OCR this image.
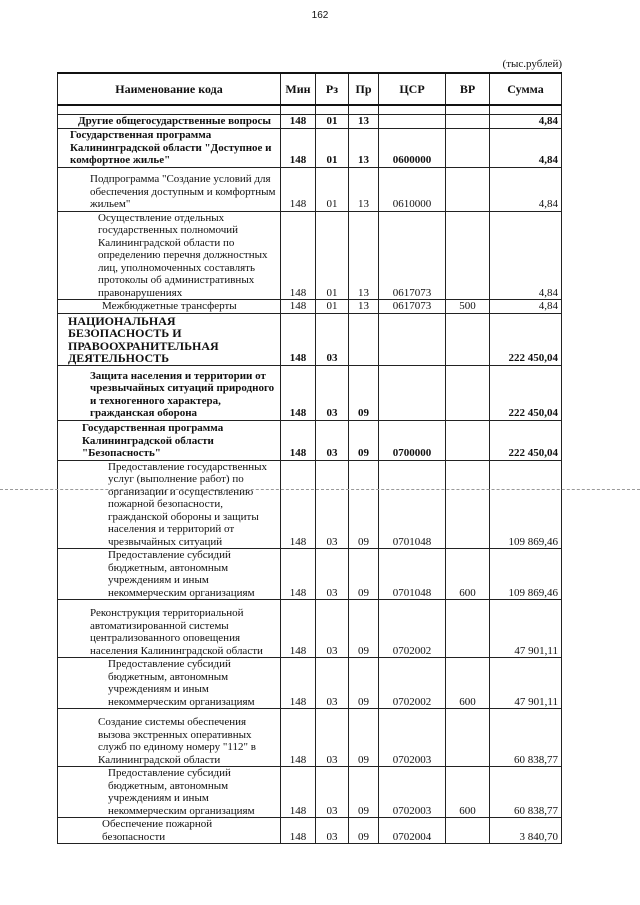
162
(тыс.рублей)
Наименование кода	Мин	Рз	Пр	ЦСР	ВР	Сумма

Другие общегосударственные вопросы	148	01	13			4,84
Государственная программа Калининградской области "Доступное и комфортное жилье"	148	01	13	0600000		4,84
Подпрограмма "Создание условий для обеспечения доступным и комфортным жильем"	148	01	13	0610000		4,84
Осуществление отдельных государственных полномочий Калининградской области по определению перечня должностных лиц, уполномоченных составлять протоколы об административных правонарушениях	148	01	13	0617073		4,84
Межбюджетные трансферты	148	01	13	0617073	500	4,84
НАЦИОНАЛЬНАЯ БЕЗОПАСНОСТЬ И ПРАВООХРАНИТЕЛЬНАЯ ДЕЯТЕЛЬНОСТЬ	148	03				222 450,04
Защита населения и территории от чрезвычайных ситуаций природного и техногенного характера, гражданская оборона	148	03	09			222 450,04
Государственная программа Калининградской области "Безопасность"	148	03	09	0700000		222 450,04
Предоставление государственных услуг (выполнение работ) по организации и осуществлению пожарной безопасности, гражданской обороны и защиты населения и территорий от чрезвычайных ситуаций	148	03	09	0701048		109 869,46
Предоставление субсидий бюджетным, автономным учреждениям и иным некоммерческим организациям	148	03	09	0701048	600	109 869,46
Реконструкция территориальной автоматизированной системы централизованного оповещения населения Калининградской области	148	03	09	0702002		47 901,11
Предоставление субсидий бюджетным, автономным учреждениям и иным некоммерческим организациям	148	03	09	0702002	600	47 901,11
Создание системы обеспечения вызова экстренных оперативных служб по единому номеру "112" в Калининградской области	148	03	09	0702003		60 838,77
Предоставление субсидий бюджетным, автономным учреждениям и иным некоммерческим организациям	148	03	09	0702003	600	60 838,77
Обеспечение пожарной безопасности	148	03	09	0702004		3 840,70
